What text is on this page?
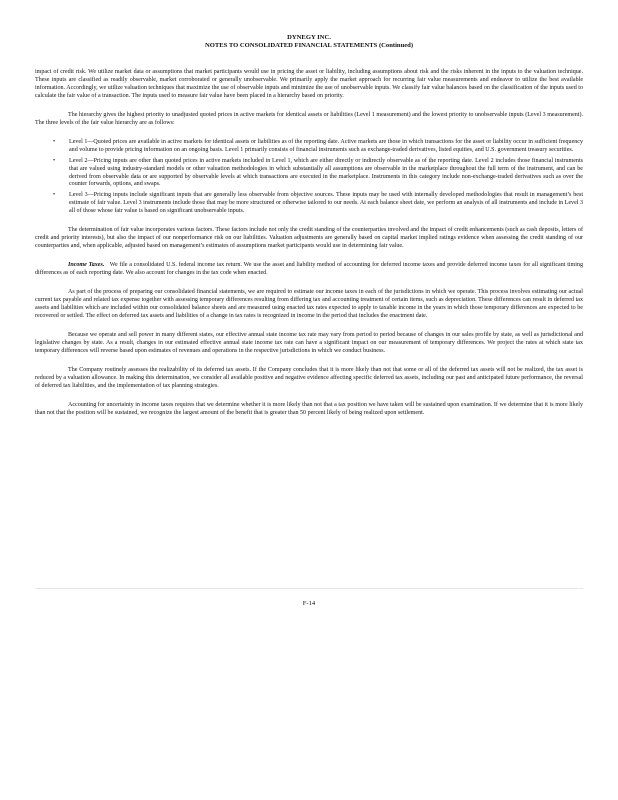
DYNEGY INC.
NOTES TO CONSOLIDATED FINANCIAL STATEMENTS (Continued)

impact of credit risk. We utilize market data or assumptions that market participants would use in pricing the asset or liability, including assumptions about risk and the risks inherent in the inputs to the valuation technique. These inputs are classified as readily observable, market corroborated or generally unobservable. We primarily apply the market approach for recurring fair value measurements and endeavor to utilize the best available information. Accordingly, we utilize valuation techniques that maximize the use of observable inputs and minimize the use of unobservable inputs. We classify fair value balances based on the classification of the inputs used to calculate the fair value of a transaction. The inputs used to measure fair value have been placed in a hierarchy based on priority.

The hierarchy gives the highest priority to unadjusted quoted prices in active markets for identical assets or liabilities (Level 1 measurement) and the lowest priority to unobservable inputs (Level 3 measurement). The three levels of the fair value hierarchy are as follows:

• Level 1—Quoted prices are available in active markets for identical assets or liabilities as of the reporting date. Active markets are those in which transactions for the asset or liability occur in sufficient frequency and volume to provide pricing information on an ongoing basis. Level 1 primarily consists of financial instruments such as exchange-traded derivatives, listed equities, and U.S. government treasury securities.
• Level 2—Pricing inputs are other than quoted prices in active markets included in Level 1, which are either directly or indirectly observable as of the reporting date. Level 2 includes those financial instruments that are valued using industry-standard models or other valuation methodologies in which substantially all assumptions are observable in the marketplace throughout the full term of the instrument, and can be derived from observable data or are supported by observable levels at which transactions are executed in the marketplace. Instruments in this category include non-exchange-traded derivatives such as over the counter forwards, options, and swaps.
• Level 3—Pricing inputs include significant inputs that are generally less observable from objective sources. These inputs may be used with internally developed methodologies that result in management’s best estimate of fair value. Level 3 instruments include those that may be more structured or otherwise tailored to our needs. At each balance sheet date, we perform an analysis of all instruments and include in Level 3 all of those whose fair value is based on significant unobservable inputs.

The determination of fair value incorporates various factors. These factors include not only the credit standing of the counterparties involved and the impact of credit enhancements (such as cash deposits, letters of credit and priority interests), but also the impact of our nonperformance risk on our liabilities. Valuation adjustments are generally based on capital market implied ratings evidence when assessing the credit standing of our counterparties and, when applicable, adjusted based on management’s estimates of assumptions market participants would use in determining fair value.

Income Taxes. We file a consolidated U.S. federal income tax return. We use the asset and liability method of accounting for deferred income taxes and provide deferred income taxes for all significant timing differences as of each reporting date. We also account for changes in the tax code when enacted.

As part of the process of preparing our consolidated financial statements, we are required to estimate our income taxes in each of the jurisdictions in which we operate. This process involves estimating our actual current tax payable and related tax expense together with assessing temporary differences resulting from differing tax and accounting treatment of certain items, such as depreciation. These differences can result in deferred tax assets and liabilities which are included within our consolidated balance sheets and are measured using enacted tax rates expected to apply to taxable income in the years in which those temporary differences are expected to be recovered or settled. The effect on deferred tax assets and liabilities of a change in tax rates is recognized in income in the period that includes the enactment date.

Because we operate and sell power in many different states, our effective annual state income tax rate may vary from period to period because of changes in our sales profile by state, as well as jurisdictional and legislative changes by state. As a result, changes in our estimated effective annual state income tax rate can have a significant impact on our measurement of temporary differences. We project the rates at which state tax temporary differences will reverse based upon estimates of revenues and operations in the respective jurisdictions in which we conduct business.

The Company routinely assesses the realizability of its deferred tax assets. If the Company concludes that it is more likely than not that some or all of the deferred tax assets will not be realized, the tax asset is reduced by a valuation allowance. In making this determination, we consider all available positive and negative evidence affecting specific deferred tax assets, including our past and anticipated future performance, the reversal of deferred tax liabilities, and the implementation of tax planning strategies.

Accounting for uncertainty in income taxes requires that we determine whether it is more likely than not that a tax position we have taken will be sustained upon examination. If we determine that it is more likely than not that the position will be sustained, we recognize the largest amount of the benefit that is greater than 50 percent likely of being realized upon settlement.

F-14
